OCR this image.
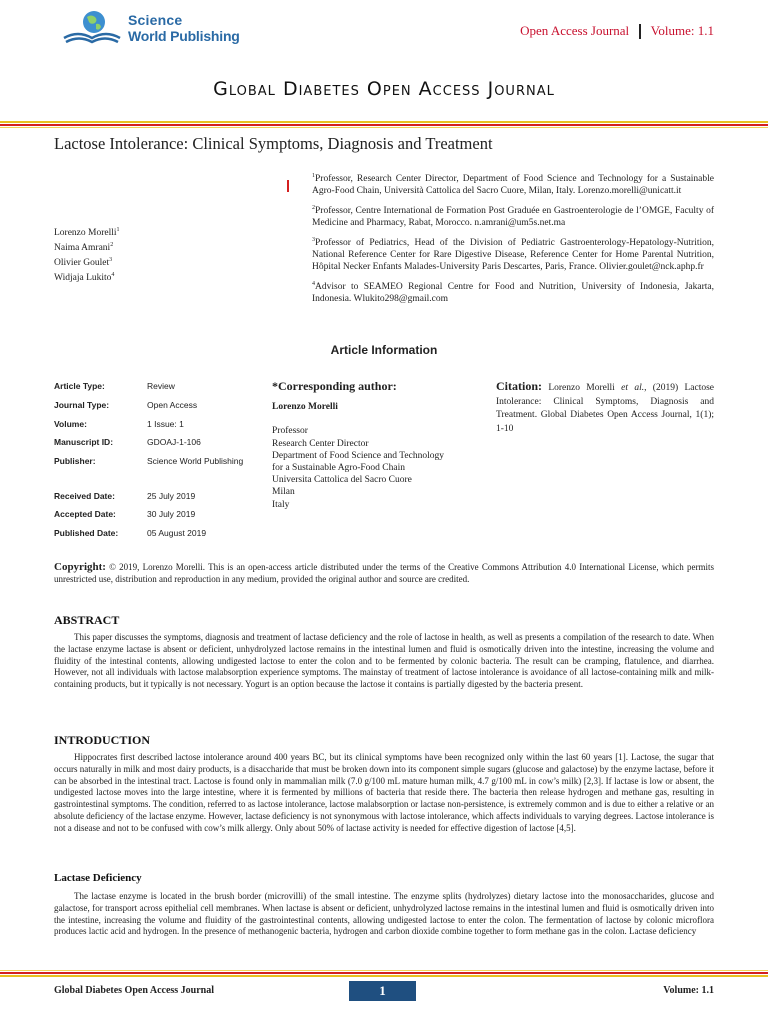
Science
World Publishing	Open Access Journal Volume: 1.1
Global Diabetes Open Access Journal
Lactose Intolerance: Clinical Symptoms, Diagnosis and Treatment
Lorenzo Morelli$^1$
Naima Amrani$^2$
Olivier Goulet$^3$
Widjaja Lukito$^4$

$^1$Professor, Research Center Director, Department of Food Science and Technology for a Sustainable Agro-Food Chain, Università Cattolica del Sacro Cuore, Milan, Italy. Lorenzo.morelli@unicatt.it

$^2$Professor, Centre International de Formation Post Graduée en Gastroenterologie de l’OMGE, Faculty of Medicine and Pharmacy, Rabat, Morocco. n.amrani@um5s.net.ma

$^3$Professor of Pediatrics, Head of the Division of Pediatric Gastroenterology-Hepatology-Nutrition, National Reference Center for Rare Digestive Disease, Reference Center for Home Parental Nutrition, Hôpital Necker Enfants Malades-University Paris Descartes, Paris, France. Olivier.goulet@nck.aphp.fr

$^4$Advisor to SEAMEO Regional Centre for Food and Nutrition, University of Indonesia, Jakarta, Indonesia. Wlukito298@gmail.com

Article Information
Article Type:	Review
Journal Type:	Open Access
Volume:	1 Issue: 1
Manuscript ID:	GDOAJ-1-106
Publisher:	Science World Publishing
Received Date:	25 July 2019
Accepted Date:	30 July 2019
Published Date:	05 August 2019
*Corresponding author:
Lorenzo Morelli
Professor
Research Center Director
Department of Food Science and Technology
for a Sustainable Agro-Food Chain
Universita Cattolica del Sacro Cuore
Milan
Italy
Citation: Lorenzo Morelli et al., (2019) Lactose Intolerance: Clinical Symptoms, Diagnosis and Treatment. Global Diabetes Open Access Journal, 1(1); 1-10
Copyright: © 2019, Lorenzo Morelli. This is an open-access article distributed under the terms of the Creative Commons Attribution 4.0 International License, which permits unrestricted use, distribution and reproduction in any medium, provided the original author and source are credited.
ABSTRACT
This paper discusses the symptoms, diagnosis and treatment of lactase deficiency and the role of lactose in health, as well as presents a compilation of the research to date. When the lactase enzyme lactase is absent or deficient, unhydrolyzed lactose remains in the intestinal lumen and fluid is osmotically driven into the intestine, increasing the volume and fluidity of the intestinal contents, allowing undigested lactose to enter the colon and to be fermented by colonic bacteria. The result can be cramping, flatulence, and diarrhea. However, not all individuals with lactose malabsorption experience symptoms. The mainstay of treatment of lactose intolerance is avoidance of all lactose-containing milk and milk-containing products, but it typically is not necessary. Yogurt is an option because the lactose it contains is partially digested by the bacteria present.
INTRODUCTION
Hippocrates first described lactose intolerance around 400 years BC, but its clinical symptoms have been recognized only within the last 60 years [1]. Lactose, the sugar that occurs naturally in milk and most dairy products, is a disaccharide that must be broken down into its component simple sugars (glucose and galactose) by the enzyme lactase, before it can be absorbed in the intestinal tract. Lactose is found only in mammalian milk (7.0 g/100 mL mature human milk, 4.7 g/100 mL in cow’s milk) [2,3]. If lactase is low or absent, the undigested lactose moves into the large intestine, where it is fermented by millions of bacteria that reside there. The bacteria then release hydrogen and methane gas, resulting in gastrointestinal symptoms. The condition, referred to as lactose intolerance, lactose malabsorption or lactase non-persistence, is extremely common and is due to either a relative or an absolute deficiency of the lactase enzyme. However, lactase deficiency is not synonymous with lactose intolerance, which affects individuals to varying degrees. Lactose intolerance is not a disease and not to be confused with cow’s milk allergy. Only about 50% of lactase activity is needed for effective digestion of lactose [4,5].
Lactase Deficiency
The lactase enzyme is located in the brush border (microvilli) of the small intestine. The enzyme splits (hydrolyzes) dietary lactose into the monosaccharides, glucose and galactose, for transport across epithelial cell membranes. When lactase is absent or deficient, unhydrolyzed lactose remains in the intestinal lumen and fluid is osmotically driven into the intestine, increasing the volume and fluidity of the gastrointestinal contents, allowing undigested lactose to enter the colon. The fermentation of lactose by colonic microflora produces lactic acid and hydrogen. In the presence of methanogenic bacteria, hydrogen and carbon dioxide combine together to form methane gas in the colon. Lactase deficiency
Global Diabetes Open Access Journal	1	Volume: 1.1
